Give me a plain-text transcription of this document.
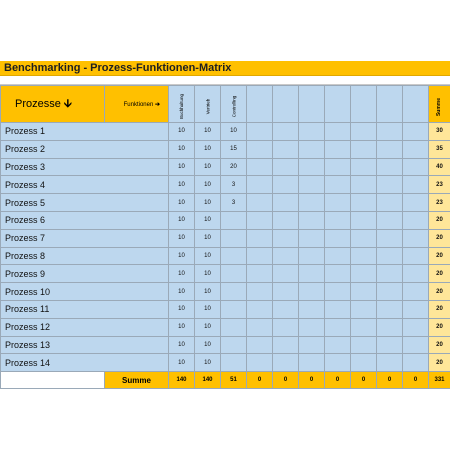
Benchmarking - Prozess-Funktionen-Matrix
Prozesse 🡫	Funktionen ➔	Buchhaltung	Vertrieb	Controlling								Summe
Prozess 1		10	10	10								30
Prozess 2		10	10	15								35
Prozess 3		10	10	20								40
Prozess 4		10	10	3								23
Prozess 5		10	10	3								23
Prozess 6		10	10									20
Prozess 7		10	10									20
Prozess 8		10	10									20
Prozess 9		10	10									20
Prozess 10		10	10									20
Prozess 11		10	10									20
Prozess 12		10	10									20
Prozess 13		10	10									20
Prozess 14		10	10									20
	Summe	140	140	51	0	0	0	0	0	0	0	331
